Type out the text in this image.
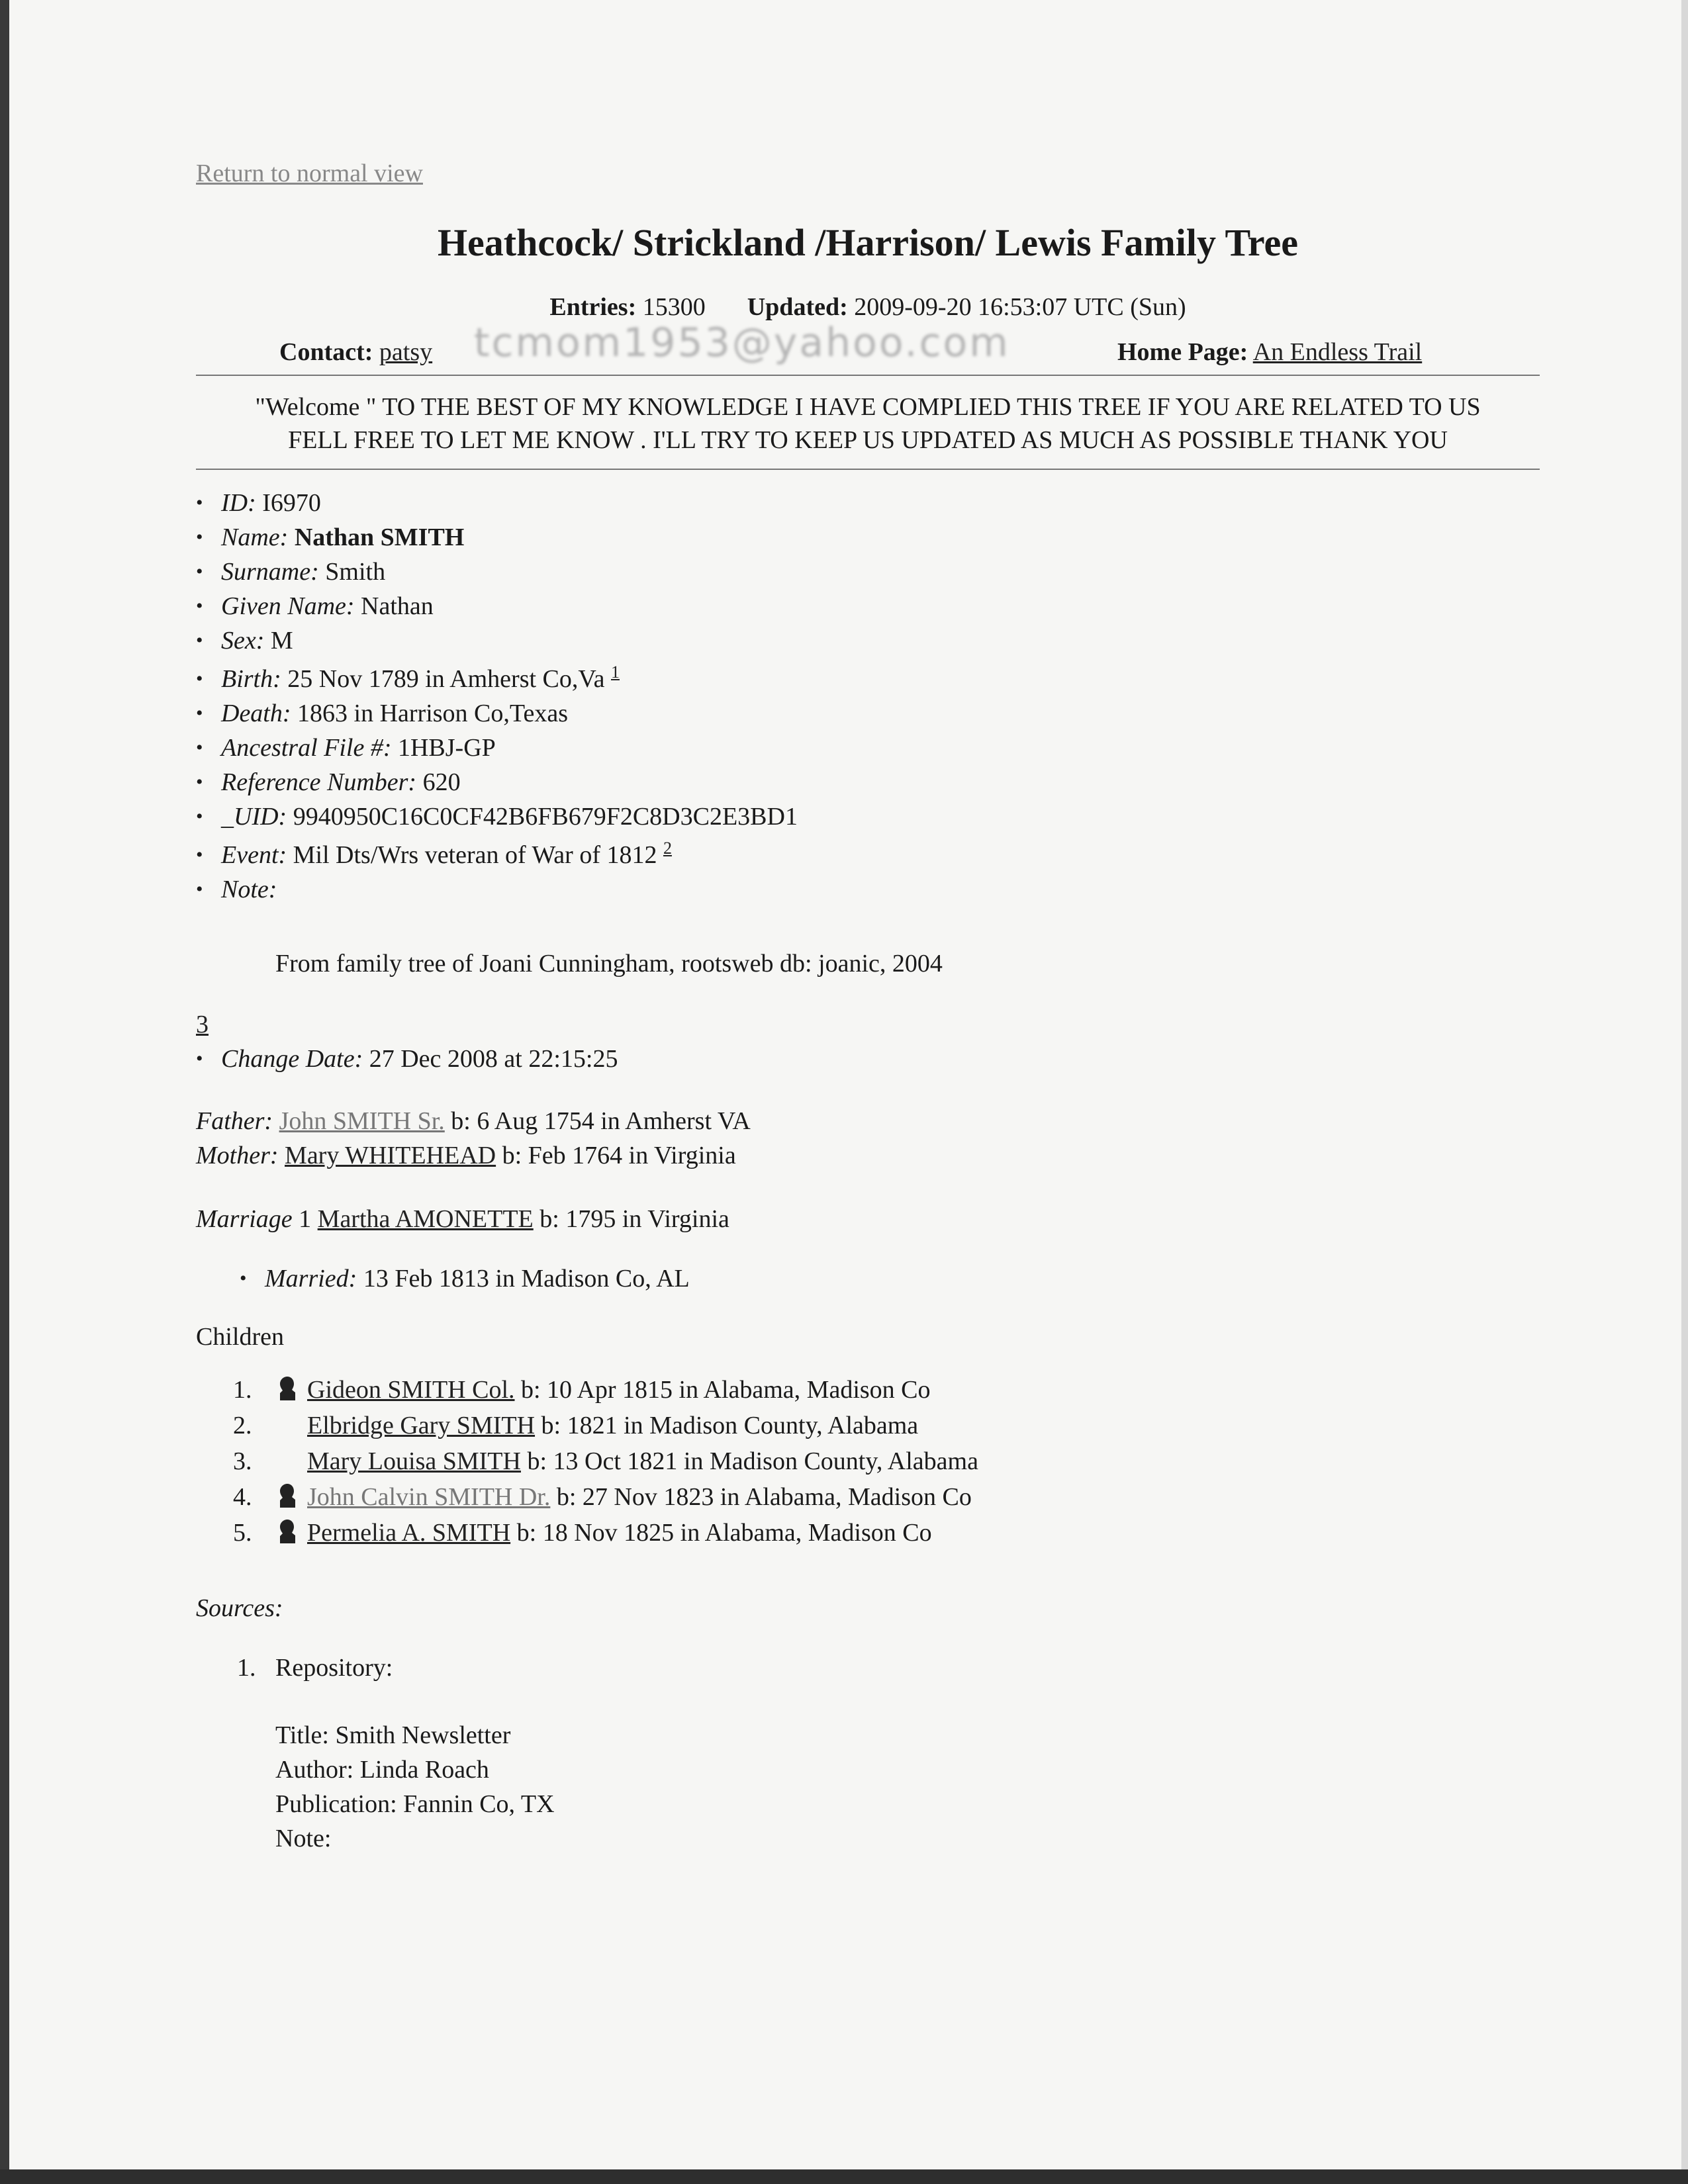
Return to normal view
Heathcock/ Strickland /Harrison/ Lewis Family Tree
Entries: 15300 Updated: 2009-09-20 16:53:07 UTC (Sun)
Contact: patsy tcmom1953@yahoo.com	Home Page: An Endless Trail
"Welcome " TO THE BEST OF MY KNOWLEDGE I HAVE COMPLIED THIS TREE IF YOU ARE RELATED TO US
FELL FREE TO LET ME KNOW . I'LL TRY TO KEEP US UPDATED AS MUCH AS POSSIBLE THANK YOU
• ID: I6970
• Name: Nathan SMITH
• Surname: Smith
• Given Name: Nathan
• Sex: M
• Birth: 25 Nov 1789 in Amherst Co,Va $^1$
• Death: 1863 in Harrison Co,Texas
• Ancestral File #: 1HBJ-GP
• Reference Number: 620
• _UID: 9940950C16C0CF42B6FB679F2C8D3C2E3BD1
• Event: Mil Dts/Wrs veteran of War of 1812 $^2$
• Note:
From family tree of Joani Cunningham, rootsweb db: joanic, 2004
3
• Change Date: 27 Dec 2008 at 22:15:25
Father: John SMITH Sr. b: 6 Aug 1754 in Amherst VA
Mother: Mary WHITEHEAD b: Feb 1764 in Virginia
Marriage 1 Martha AMONETTE b: 1795 in Virginia
• Married: 13 Feb 1813 in Madison Co, AL
Children
1. Gideon SMITH Col. b: 10 Apr 1815 in Alabama, Madison Co
2. Elbridge Gary SMITH b: 1821 in Madison County, Alabama
3. Mary Louisa SMITH b: 13 Oct 1821 in Madison County, Alabama
4. John Calvin SMITH Dr. b: 27 Nov 1823 in Alabama, Madison Co
5. Permelia A. SMITH b: 18 Nov 1825 in Alabama, Madison Co
Sources:
1. Repository:
Title: Smith Newsletter
Author: Linda Roach
Publication: Fannin Co, TX
Note:
